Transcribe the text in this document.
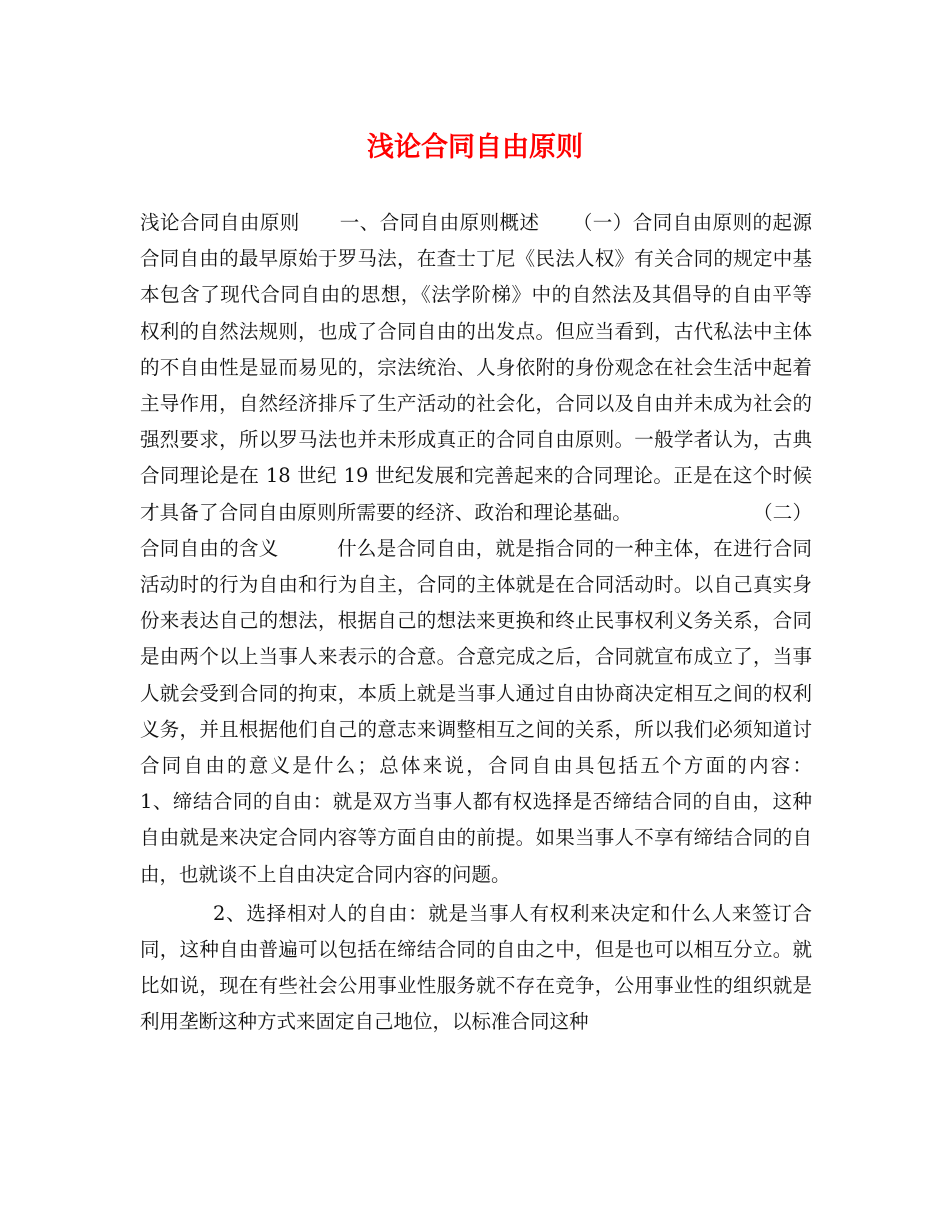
浅论合同自由原则

浅论合同自由原则      一、合同自由原则概述     （一）合同自由原则的起源         合同自由的最早原始于罗马法，在查士丁尼《民法人权》有关合同的规定中基本包含了现代合同自由的思想，《法学阶梯》中的自然法及其倡导的自由平等权利的自然法规则，也成了合同自由的出发点。但应当看到，古代私法中主体的不自由性是显而易见的，宗法统治、人身依附的身份观念在社会生活中起着主导作用，自然经济排斥了生产活动的社会化，合同以及自由并未成为社会的强烈要求，所以罗马法也并未形成真正的合同自由原则。一般学者认为，古典合同理论是在 18 世纪 19 世纪发展和完善起来的合同理论。正是在这个时候才具备了合同自由原则所需要的经济、政治和理论基础。                   （二）合同自由的含义         什么是合同自由，就是指合同的一种主体，在进行合同活动时的行为自由和行为自主，合同的主体就是在合同活动时。以自己真实身份来表达自己的想法，根据自己的想法来更换和终止民事权利义务关系，合同是由两个以上当事人来表示的合意。合意完成之后，合同就宣布成立了，当事人就会受到合同的拘束，本质上就是当事人通过自由协商决定相互之间的权利义务，并且根据他们自己的意志来调整相互之间的关系，所以我们必须知道讨合同自由的意义是什么；总体来说，合同自由具包括五个方面的内容：             1、缔结合同的自由：就是双方当事人都有权选择是否缔结合同的自由，这种自由就是来决定合同内容等方面自由的前提。如果当事人不享有缔结合同的自由，也就谈不上自由决定合同内容的问题。

2、选择相对人的自由：就是当事人有权利来决定和什么人来签订合同，这种自由普遍可以包括在缔结合同的自由之中，但是也可以相互分立。就比如说，现在有些社会公用事业性服务就不存在竞争，公用事业性的组织就是利用垄断这种方式来固定自己地位，以标准合同这种
